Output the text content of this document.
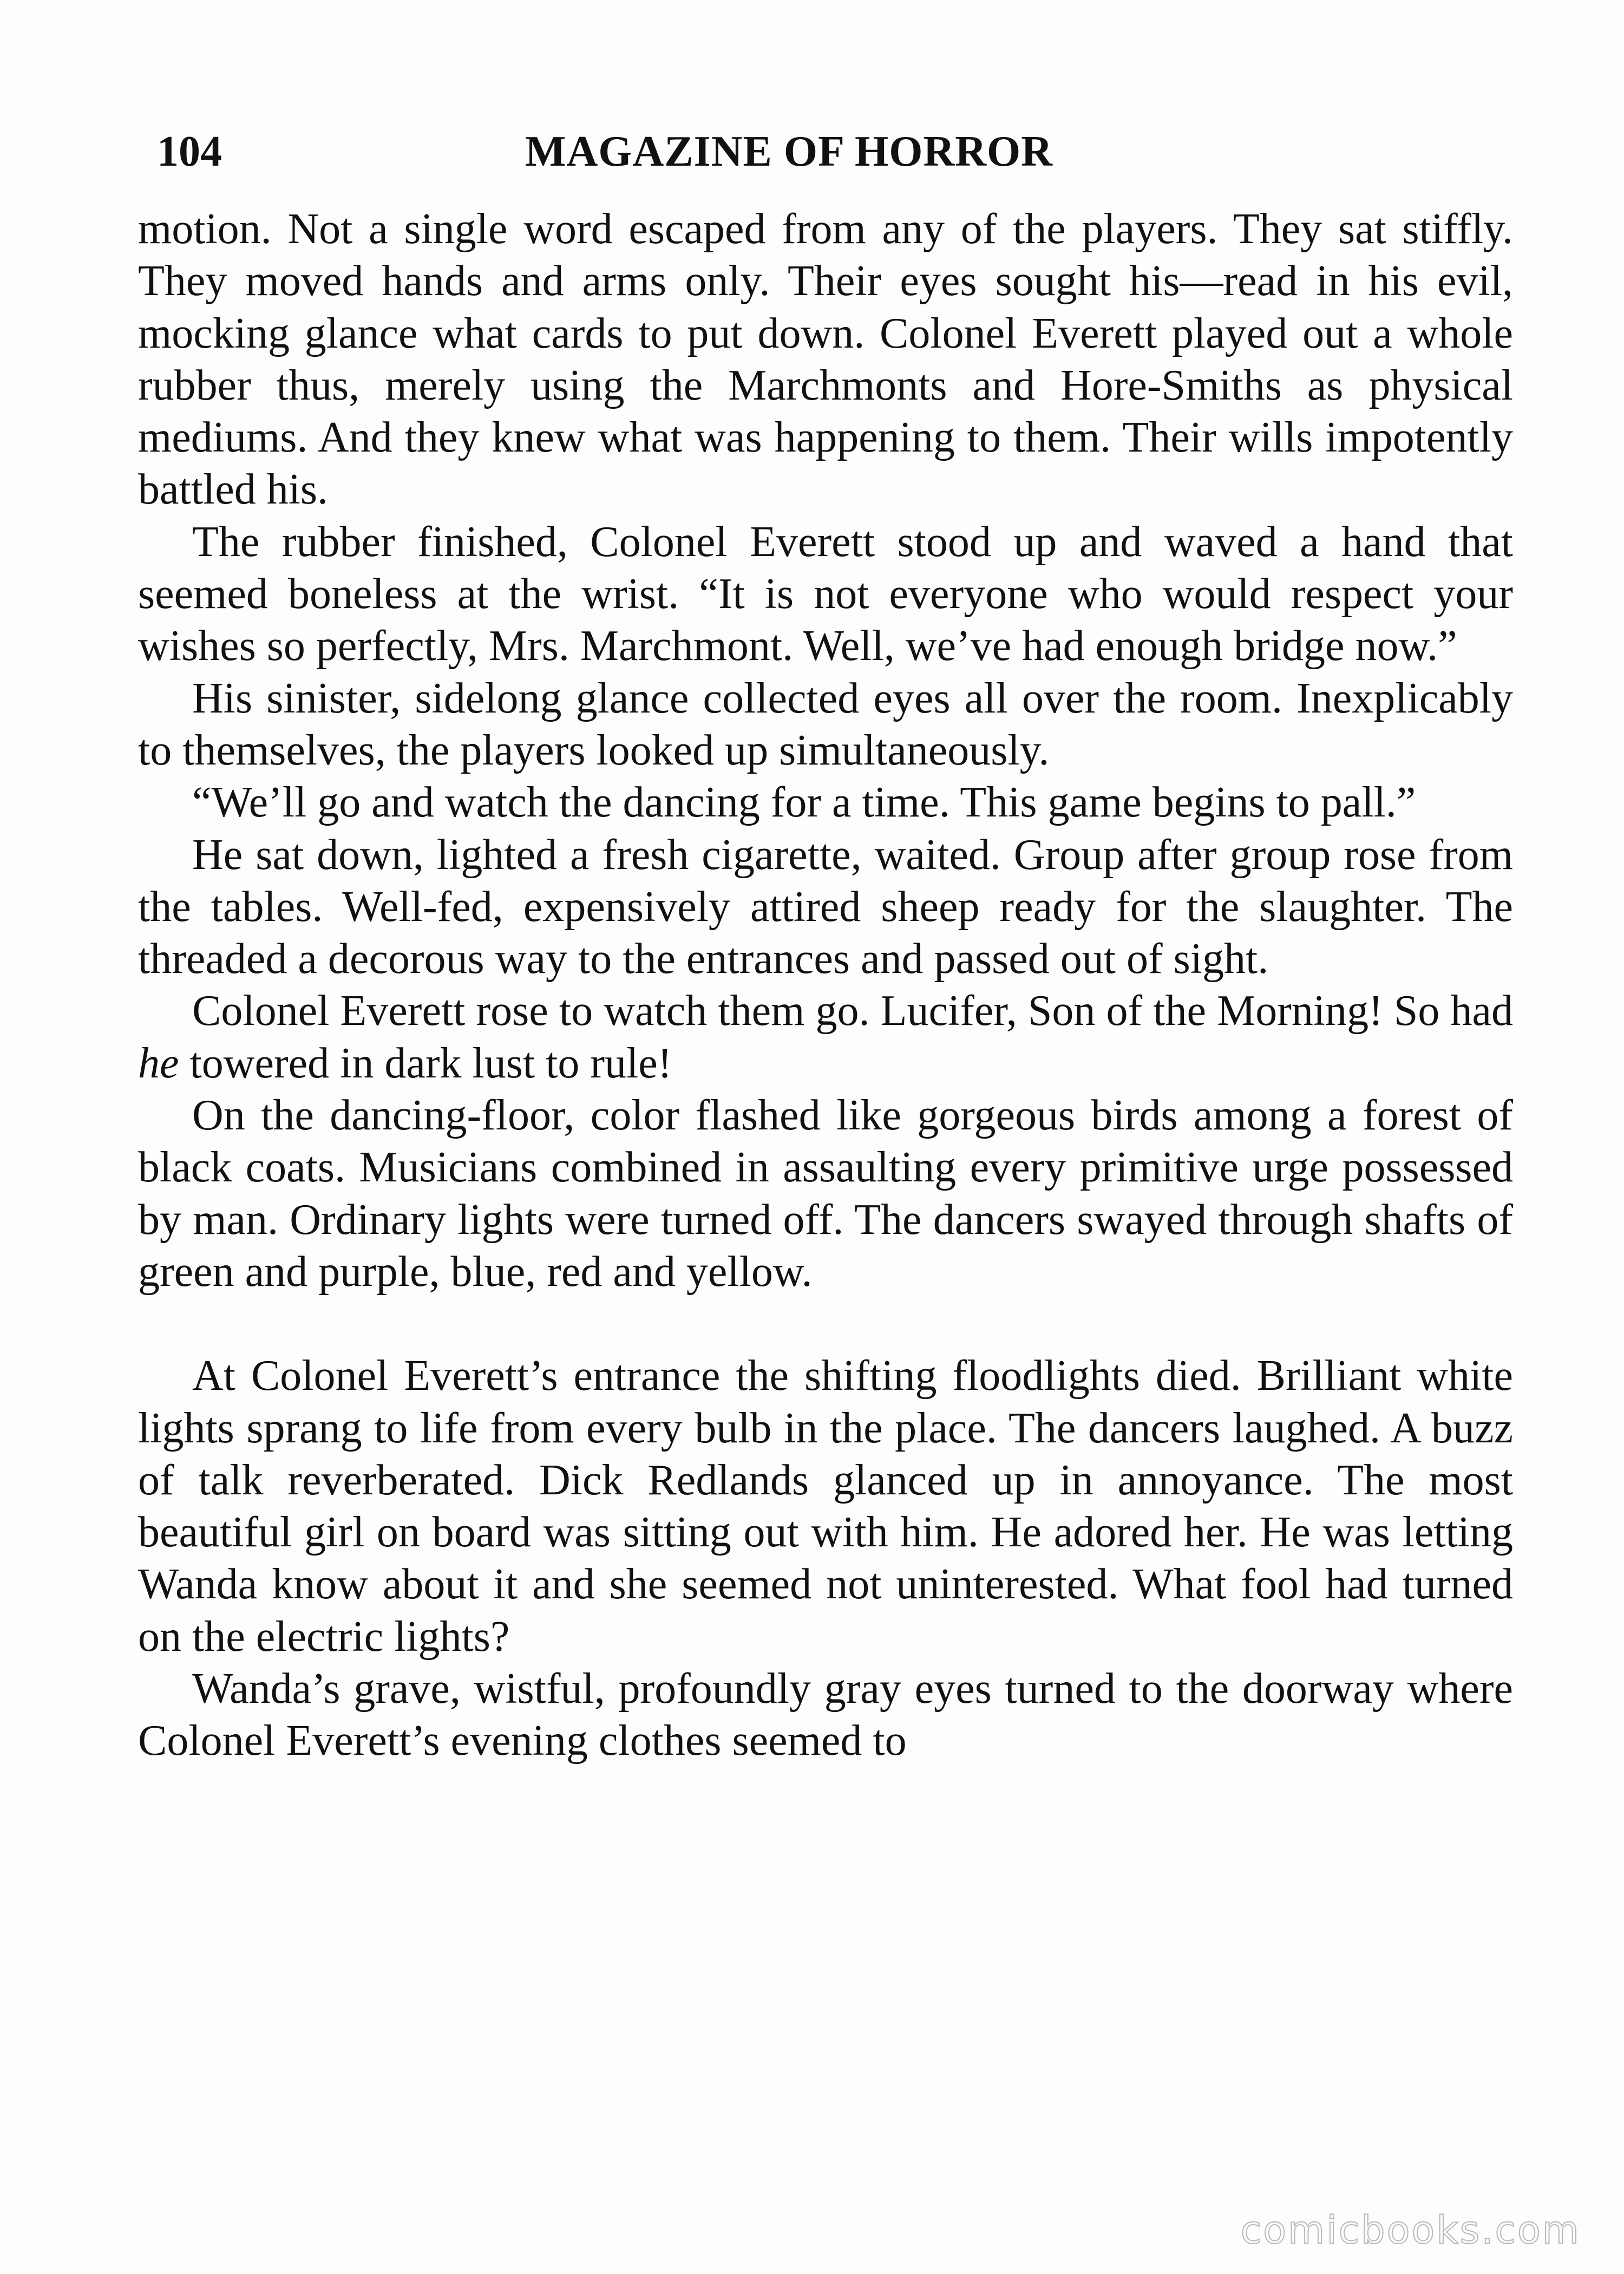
104	MAGAZINE OF HORROR

motion. Not a single word escaped from any of the players. They sat stiffly. They moved hands and arms only. Their eyes sought his—read in his evil, mocking glance what cards to put down. Colonel Everett played out a whole rubber thus, merely using the Marchmonts and Hore-Smiths as physical mediums. And they knew what was happening to them. Their wills impotently battled his.

The rubber finished, Colonel Everett stood up and waved a hand that seemed boneless at the wrist. “It is not everyone who would respect your wishes so perfectly, Mrs. Marchmont. Well, we’ve had enough bridge now.”

His sinister, sidelong glance collected eyes all over the room. Inexplicably to themselves, the players looked up simultaneously.

“We’ll go and watch the dancing for a time. This game begins to pall.”

He sat down, lighted a fresh cigarette, waited. Group after group rose from the tables. Well-fed, expensively attired sheep ready for the slaughter. The threaded a decorous way to the entrances and passed out of sight.

Colonel Everett rose to watch them go. Lucifer, Son of the Morning! So had he towered in dark lust to rule!

On the dancing-floor, color flashed like gorgeous birds among a forest of black coats. Musicians combined in assaulting every primitive urge possessed by man. Ordinary lights were turned off. The dancers swayed through shafts of green and purple, blue, red and yellow.

At Colonel Everett’s entrance the shifting floodlights died. Brilliant white lights sprang to life from every bulb in the place. The dancers laughed. A buzz of talk reverberated. Dick Redlands glanced up in annoyance. The most beautiful girl on board was sitting out with him. He adored her. He was letting Wanda know about it and she seemed not uninterested. What fool had turned on the electric lights?

Wanda’s grave, wistful, profoundly gray eyes turned to the doorway where Colonel Everett’s evening clothes seemed to

comicbooks.com
